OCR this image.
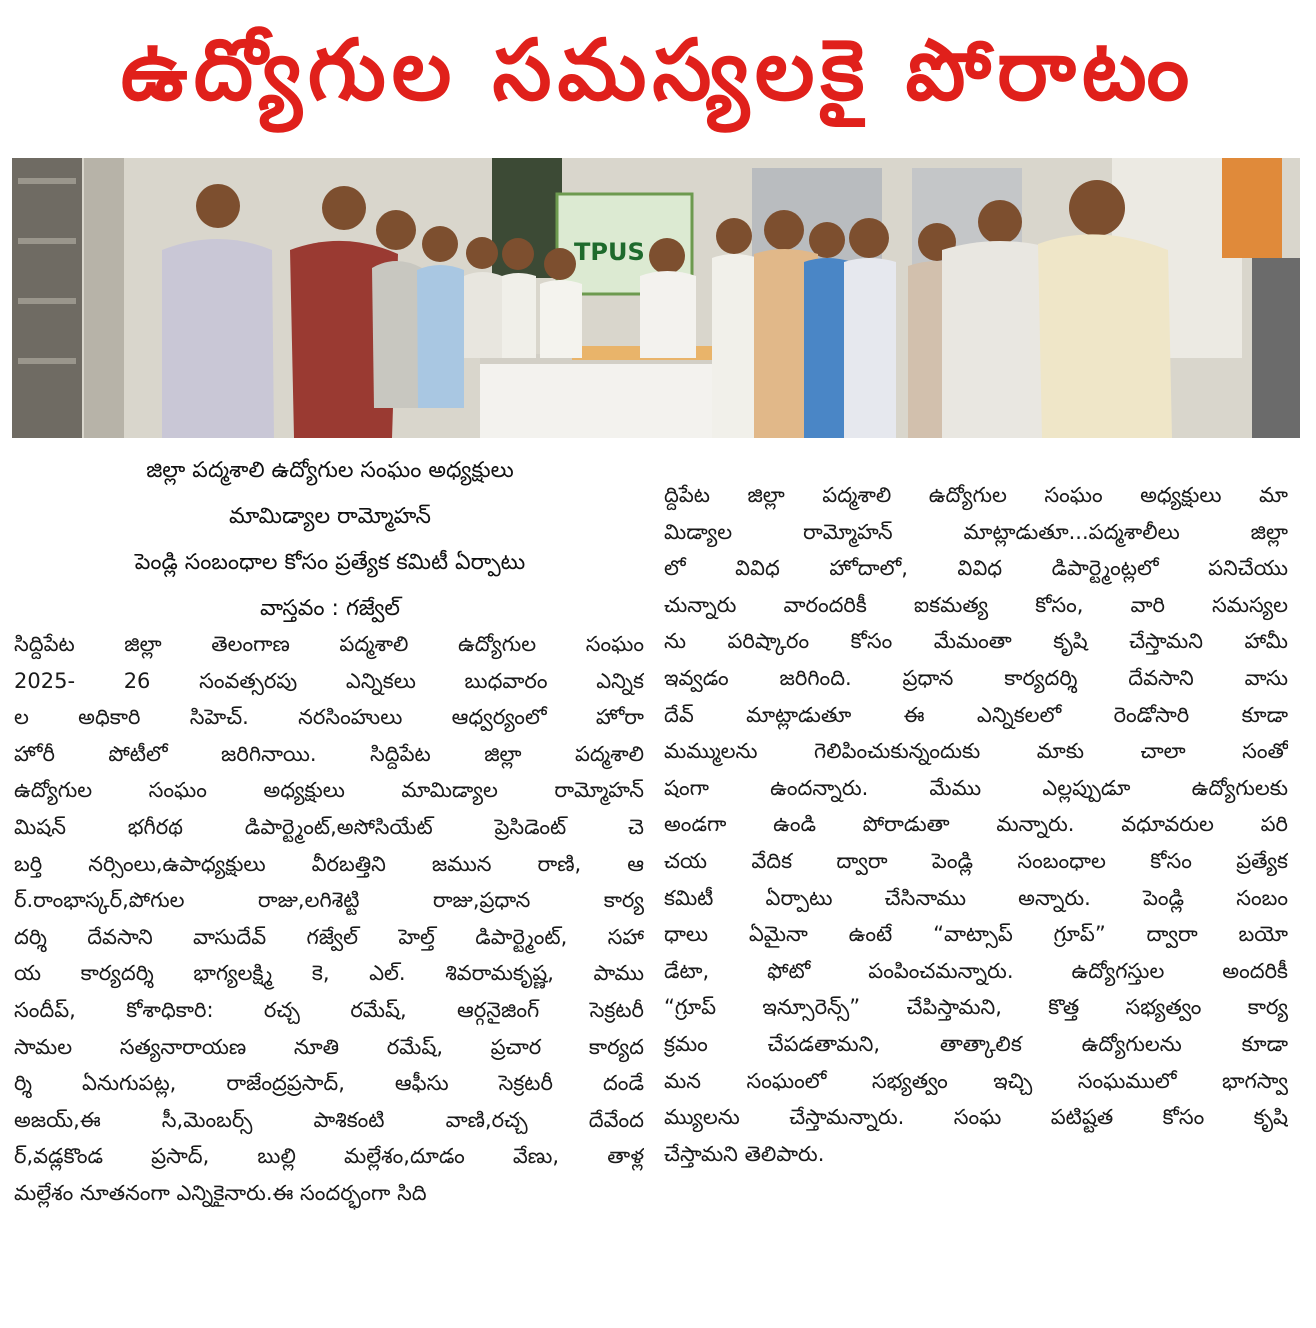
ఉద్యోగుల సమస్యలకై పోరాటం
TPUS
జిల్లా పద్మశాలి ఉద్యోగుల సంఘం అధ్యక్షులు
మామిడ్యాల రామ్మోహన్
పెండ్లి సంబంధాల కోసం ప్రత్యేక కమిటీ ఏర్పాటు
వాస్తవం : గజ్వేల్
సిద్దిపేట జిల్లా తెలంగాణ పద్మశాలి ఉద్యోగుల సంఘం
2025- 26 సంవత్సరపు ఎన్నికలు బుధవారం ఎన్నిక
ల అధికారి సిహెచ్. నరసింహులు ఆధ్వర్యంలో హోరా
హోరీ పోటీలో జరిగినాయి. సిద్దిపేట జిల్లా పద్మశాలి
ఉద్యోగుల సంఘం అధ్యక్షులు మామిడ్యాల రామ్మోహన్
మిషన్ భగీరథ డిపార్ట్మెంట్,అసోసియేట్ ప్రెసిడెంట్ చె
బర్తి నర్సింలు,ఉపాధ్యక్షులు వీరబత్తిని జమున రాణి, ఆ
ర్.రాంభాస్కర్,పోగుల రాజు,లగిశెట్టి రాజు,ప్రధాన కార్య
దర్శి దేవసాని వాసుదేవ్ గజ్వేల్ హెల్త్ డిపార్ట్మెంట్, సహా
య కార్యదర్శి భాగ్యలక్ష్మి కె, ఎల్. శివరామకృష్ణ, పాము
సందీప్, కోశాధికారి: రచ్చ రమేష్, ఆర్గనైజింగ్ సెక్రటరీ
సామల సత్యనారాయణ నూతి రమేష్, ప్రచార కార్యద
ర్శి ఏనుగుపట్ల, రాజేంద్రప్రసాద్, ఆఫీసు సెక్రటరీ దండే
అజయ్,ఈ సీ,మెంబర్స్ పాశికంటి వాణి,రచ్చ దేవేంద
ర్,వడ్లకొండ ప్రసాద్, బుల్లి మల్లేశం,దూడం వేణు, తాళ్ల
మల్లేశం నూతనంగా ఎన్నికైనారు.ఈ సందర్భంగా సిది
ద్దిపేట జిల్లా పద్మశాలి ఉద్యోగుల సంఘం అధ్యక్షులు మా
మిడ్యాల రామ్మోహన్ మాట్లాడుతూ...పద్మశాలీలు జిల్లా
లో వివిధ హోదాలో, వివిధ డిపార్ట్మెంట్లలో పనిచేయు
చున్నారు వారందరికీ ఐకమత్య కోసం, వారి సమస్యల
ను పరిష్కారం కోసం మేమంతా కృషి చేస్తామని హామీ
ఇవ్వడం జరిగింది. ప్రధాన కార్యదర్శి దేవసాని వాసు
దేవ్ మాట్లాడుతూ ఈ ఎన్నికలలో రెండోసారి కూడా
మమ్ములను గెలిపించుకున్నందుకు మాకు చాలా సంతో
షంగా ఉందన్నారు. మేము ఎల్లప్పుడూ ఉద్యోగులకు
అండగా ఉండి పోరాడుతా మన్నారు. వధూవరుల పరి
చయ వేదిక ద్వారా పెండ్లి సంబంధాల కోసం ప్రత్యేక
కమిటీ ఏర్పాటు చేసినాము అన్నారు. పెండ్లి సంబం
ధాలు ఏమైనా ఉంటే “వాట్సాప్ గ్రూప్” ద్వారా బయో
డేటా, ఫోటో పంపించమన్నారు. ఉద్యోగస్తుల అందరికీ
“గ్రూప్ ఇన్సూరెన్స్” చేపిస్తామని, కొత్త సభ్యత్వం కార్య
క్రమం చేపడతామని, తాత్కాలిక ఉద్యోగులను కూడా
మన సంఘంలో సభ్యత్వం ఇచ్చి సంఘములో భాగస్వా
మ్యులను చేస్తామన్నారు. సంఘ పటిష్టత కోసం కృషి
చేస్తామని తెలిపారు.
